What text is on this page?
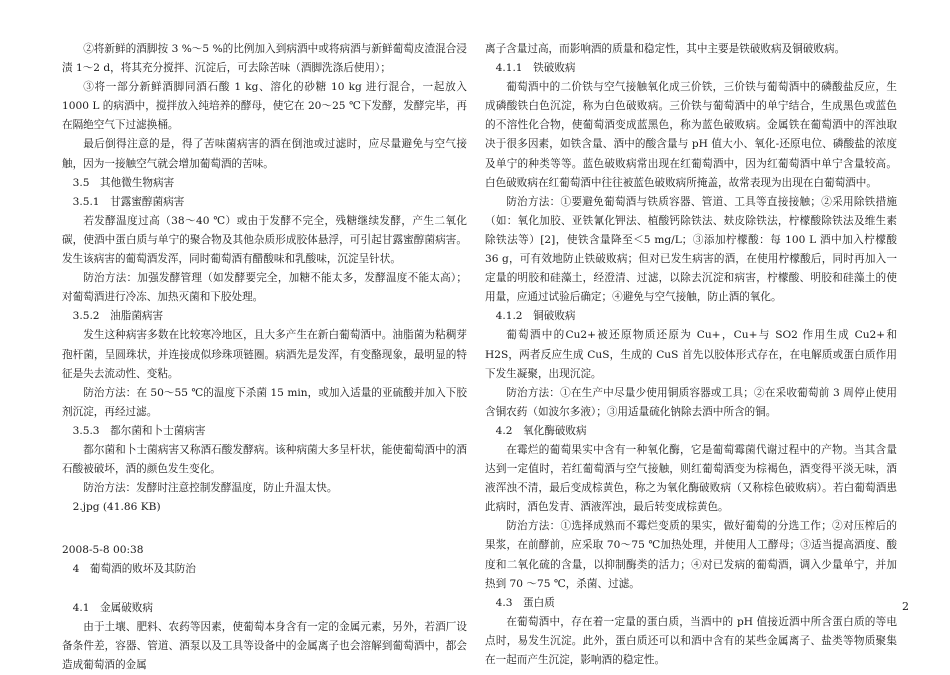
②将新鲜的酒脚按 3 %～5 %的比例加入到病酒中或将病酒与新鲜葡萄皮渣混合浸渍 1～2 d，将其充分搅拌、沉淀后，可去除苦味（酒脚洗涤后使用）；
③将一部分新鲜酒脚同酒石酸 1 kg、溶化的砂糖 10 kg 进行混合，一起放入 1000 L 的病酒中，搅拌放入纯培养的酵母，使它在 20～25 ℃下发酵，发酵完毕，再在隔绝空气下过滤换桶。
最后倒得注意的是，得了苦味菌病害的酒在倒池或过滤时，应尽量避免与空气接触，因为一接触空气就会增加葡萄酒的苦味。
3.5　其他微生物病害
3.5.1　甘露蜜醇菌病害
若发酵温度过高（38～40 ℃）或由于发酵不完全，残糖继续发酵，产生二氧化碳，使酒中蛋白质与单宁的聚合物及其他杂质形成胶体悬浮，可引起甘露蜜醇菌病害。发生该病害的葡萄酒发浑，同时葡萄酒有醋酸味和乳酸味，沉淀呈针状。
防治方法：加强发酵管理（如发酵要完全，加糖不能太多，发酵温度不能太高）；对葡萄酒进行冷冻、加热灭菌和下胶处理。
3.5.2　油脂菌病害
发生这种病害多数在比较寒冷地区，且大多产生在新白葡萄酒中。油脂菌为粘稠芽孢杆菌，呈圆珠状，并连接成似珍珠项链圈。病酒先是发浑，有变酪现象，最明显的特征是失去流动性、变粘。
防治方法：在 50～55 ℃的温度下杀菌 15 min，或加入适量的亚硫酸并加入下胶剂沉淀，再经过滤。
3.5.3　都尔菌和卜士菌病害
都尔菌和卜士菌病害又称酒石酸发酵病。该种病菌大多呈杆状，能使葡萄酒中的酒石酸被破坏，酒的颜色发生变化。
防治方法：发酵时注意控制发酵温度，防止升温太快。
　2.jpg (41.86 KB)
2008-5-8 00:38
4　葡萄酒的败坏及其防治
4.1　金属破败病
由于土壤、肥料、农药等因素，使葡萄本身含有一定的金属元素，另外，若酒厂设备条件差，容器、管道、酒泵以及工具等设备中的金属离子也会溶解到葡萄酒中，都会造成葡萄酒的金属
离子含量过高，而影响酒的质量和稳定性，其中主要是铁破败病及铜破败病。
4.1.1　铁破败病
葡萄酒中的二价铁与空气接触氧化成三价铁，三价铁与葡萄酒中的磷酸盐反应，生成磷酸铁白色沉淀，称为白色破败病。三价铁与葡萄酒中的单宁结合，生成黑色或蓝色的不溶性化合物，使葡萄酒变成蓝黑色，称为蓝色破败病。金属铁在葡萄酒中的浑浊取决于很多因素，如铁含量、酒中的酸含量与 pH 值大小、氧化-还原电位、磷酸盐的浓度及单宁的种类等等。蓝色破败病常出现在红葡萄酒中，因为红葡萄酒中单宁含量较高。白色破败病在红葡萄酒中往往被蓝色破败病所掩盖，故常表现为出现在白葡萄酒中。
防治方法：①要避免葡萄酒与铁质容器、管道、工具等直接接触；②采用除铁措施（如：氧化加胶、亚铁氰化钾法、植酸钙除铁法、麸皮除铁法，柠檬酸除铁法及维生素除铁法等）[2]，使铁含量降至＜5 mg/L；③添加柠檬酸：每 100 L 酒中加入柠檬酸 36 g，可有效地防止铁破败病；但对已发生病害的酒，在使用柠檬酸后，同时再加入一定量的明胶和硅藻土，经澄清、过滤，以除去沉淀和病害，柠檬酸、明胶和硅藻土的使用量，应通过试验后确定；④避免与空气接触，防止酒的氧化。
4.1.2　铜破败病
葡萄酒中的Cu2+被还原物质还原为 Cu+，Cu+与 SO2 作用生成 Cu2+和 H2S，两者反应生成 CuS，生成的 CuS 首先以胶体形式存在，在电解质或蛋白质作用下发生凝聚，出现沉淀。
防治方法：①在生产中尽量少使用铜质容器或工具；②在采收葡萄前 3 周停止使用含铜农药（如波尔多液）；③用适量硫化钠除去酒中所含的铜。
4.2　氧化酶破败病
在霉烂的葡萄果实中含有一种氧化酶，它是葡萄霉菌代谢过程中的产物。当其含量达到一定值时，若红葡萄酒与空气接触，则红葡萄酒变为棕褐色，酒变得平淡无味，酒液浑浊不清，最后变成棕黄色，称之为氧化酶破败病（又称棕色破败病）。若白葡萄酒患此病时，酒色发青、酒液浑浊，最后转变成棕黄色。
防治方法：①选择成熟而不霉烂变质的果实，做好葡萄的分选工作；②对压榨后的果浆，在前酵前，应采取 70～75 ℃加热处理，并使用人工酵母；③适当提高酒度、酸度和二氧化硫的含量，以抑制酶类的活力；④对已发病的葡萄酒，调入少量单宁，并加热到 70 ～75 ℃，杀菌、过滤。
4.3　蛋白质
在葡萄酒中，存在着一定量的蛋白质，当酒中的 pH 值接近酒中所含蛋白质的等电点时，易发生沉淀。此外，蛋白质还可以和酒中含有的某些金属离子、盐类等物质聚集在一起而产生沉淀，影响酒的稳定性。
2
